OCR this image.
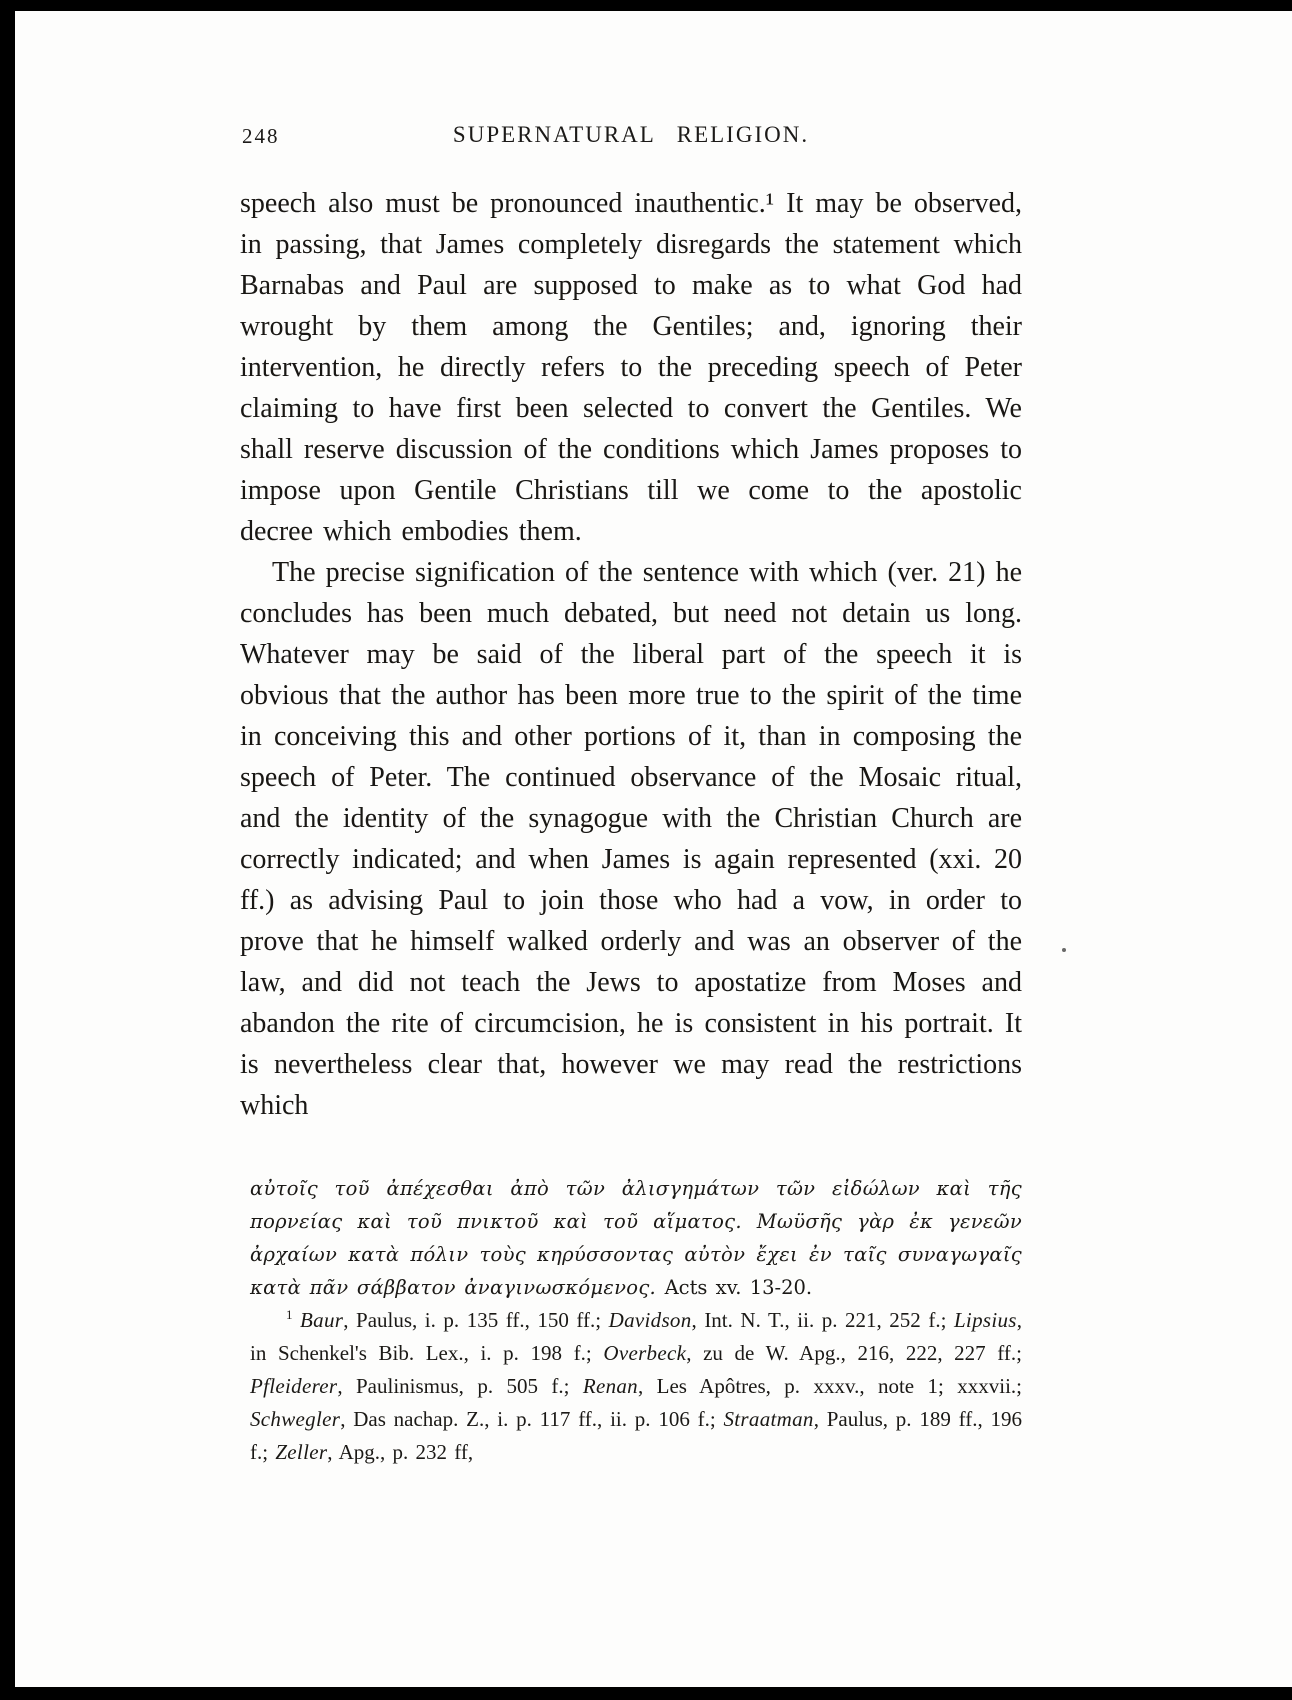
248	SUPERNATURAL RELIGION.

speech also must be pronounced inauthentic.¹ It may be observed, in passing, that James completely disregards the statement which Barnabas and Paul are supposed to make as to what God had wrought by them among the Gentiles; and, ignoring their intervention, he directly refers to the preceding speech of Peter claiming to have first been selected to convert the Gentiles. We shall reserve discussion of the conditions which James proposes to impose upon Gentile Christians till we come to the apostolic decree which embodies them.

The precise signification of the sentence with which (ver. 21) he concludes has been much debated, but need not detain us long. Whatever may be said of the liberal part of the speech it is obvious that the author has been more true to the spirit of the time in conceiving this and other portions of it, than in composing the speech of Peter. The continued observance of the Mosaic ritual, and the identity of the synagogue with the Christian Church are correctly indicated; and when James is again represented (xxi. 20 ff.) as advising Paul to join those who had a vow, in order to prove that he himself walked orderly and was an observer of the law, and did not teach the Jews to apostatize from Moses and abandon the rite of circumcision, he is consistent in his portrait. It is nevertheless clear that, however we may read the restrictions which

αὐτοῖς τοῦ ἀπέχεσθαι ἀπὸ τῶν ἀλισγημάτων τῶν εἰδώλων καὶ τῆς πορνείας καὶ τοῦ πνικτοῦ καὶ τοῦ αἵματος. Μωϋσῆς γὰρ ἐκ γενεῶν ἀρχαίων κατὰ πόλιν τοὺς κηρύσσοντας αὐτὸν ἔχει ἐν ταῖς συναγωγαῖς κατὰ πᾶν σάββατον ἀναγινωσκόμενος. Acts xv. 13-20.

$^1$ Baur, Paulus, i. p. 135 ff., 150 ff.; Davidson, Int. N. T., ii. p. 221, 252 f.; Lipsius, in Schenkel's Bib. Lex., i. p. 198 f.; Overbeck, zu de W. Apg., 216, 222, 227 ff.; Pfleiderer, Paulinismus, p. 505 f.; Renan, Les Apôtres, p. xxxv., note 1; xxxvii.; Schwegler, Das nachap. Z., i. p. 117 ff., ii. p. 106 f.; Straatman, Paulus, p. 189 ff., 196 f.; Zeller, Apg., p. 232 ff,
